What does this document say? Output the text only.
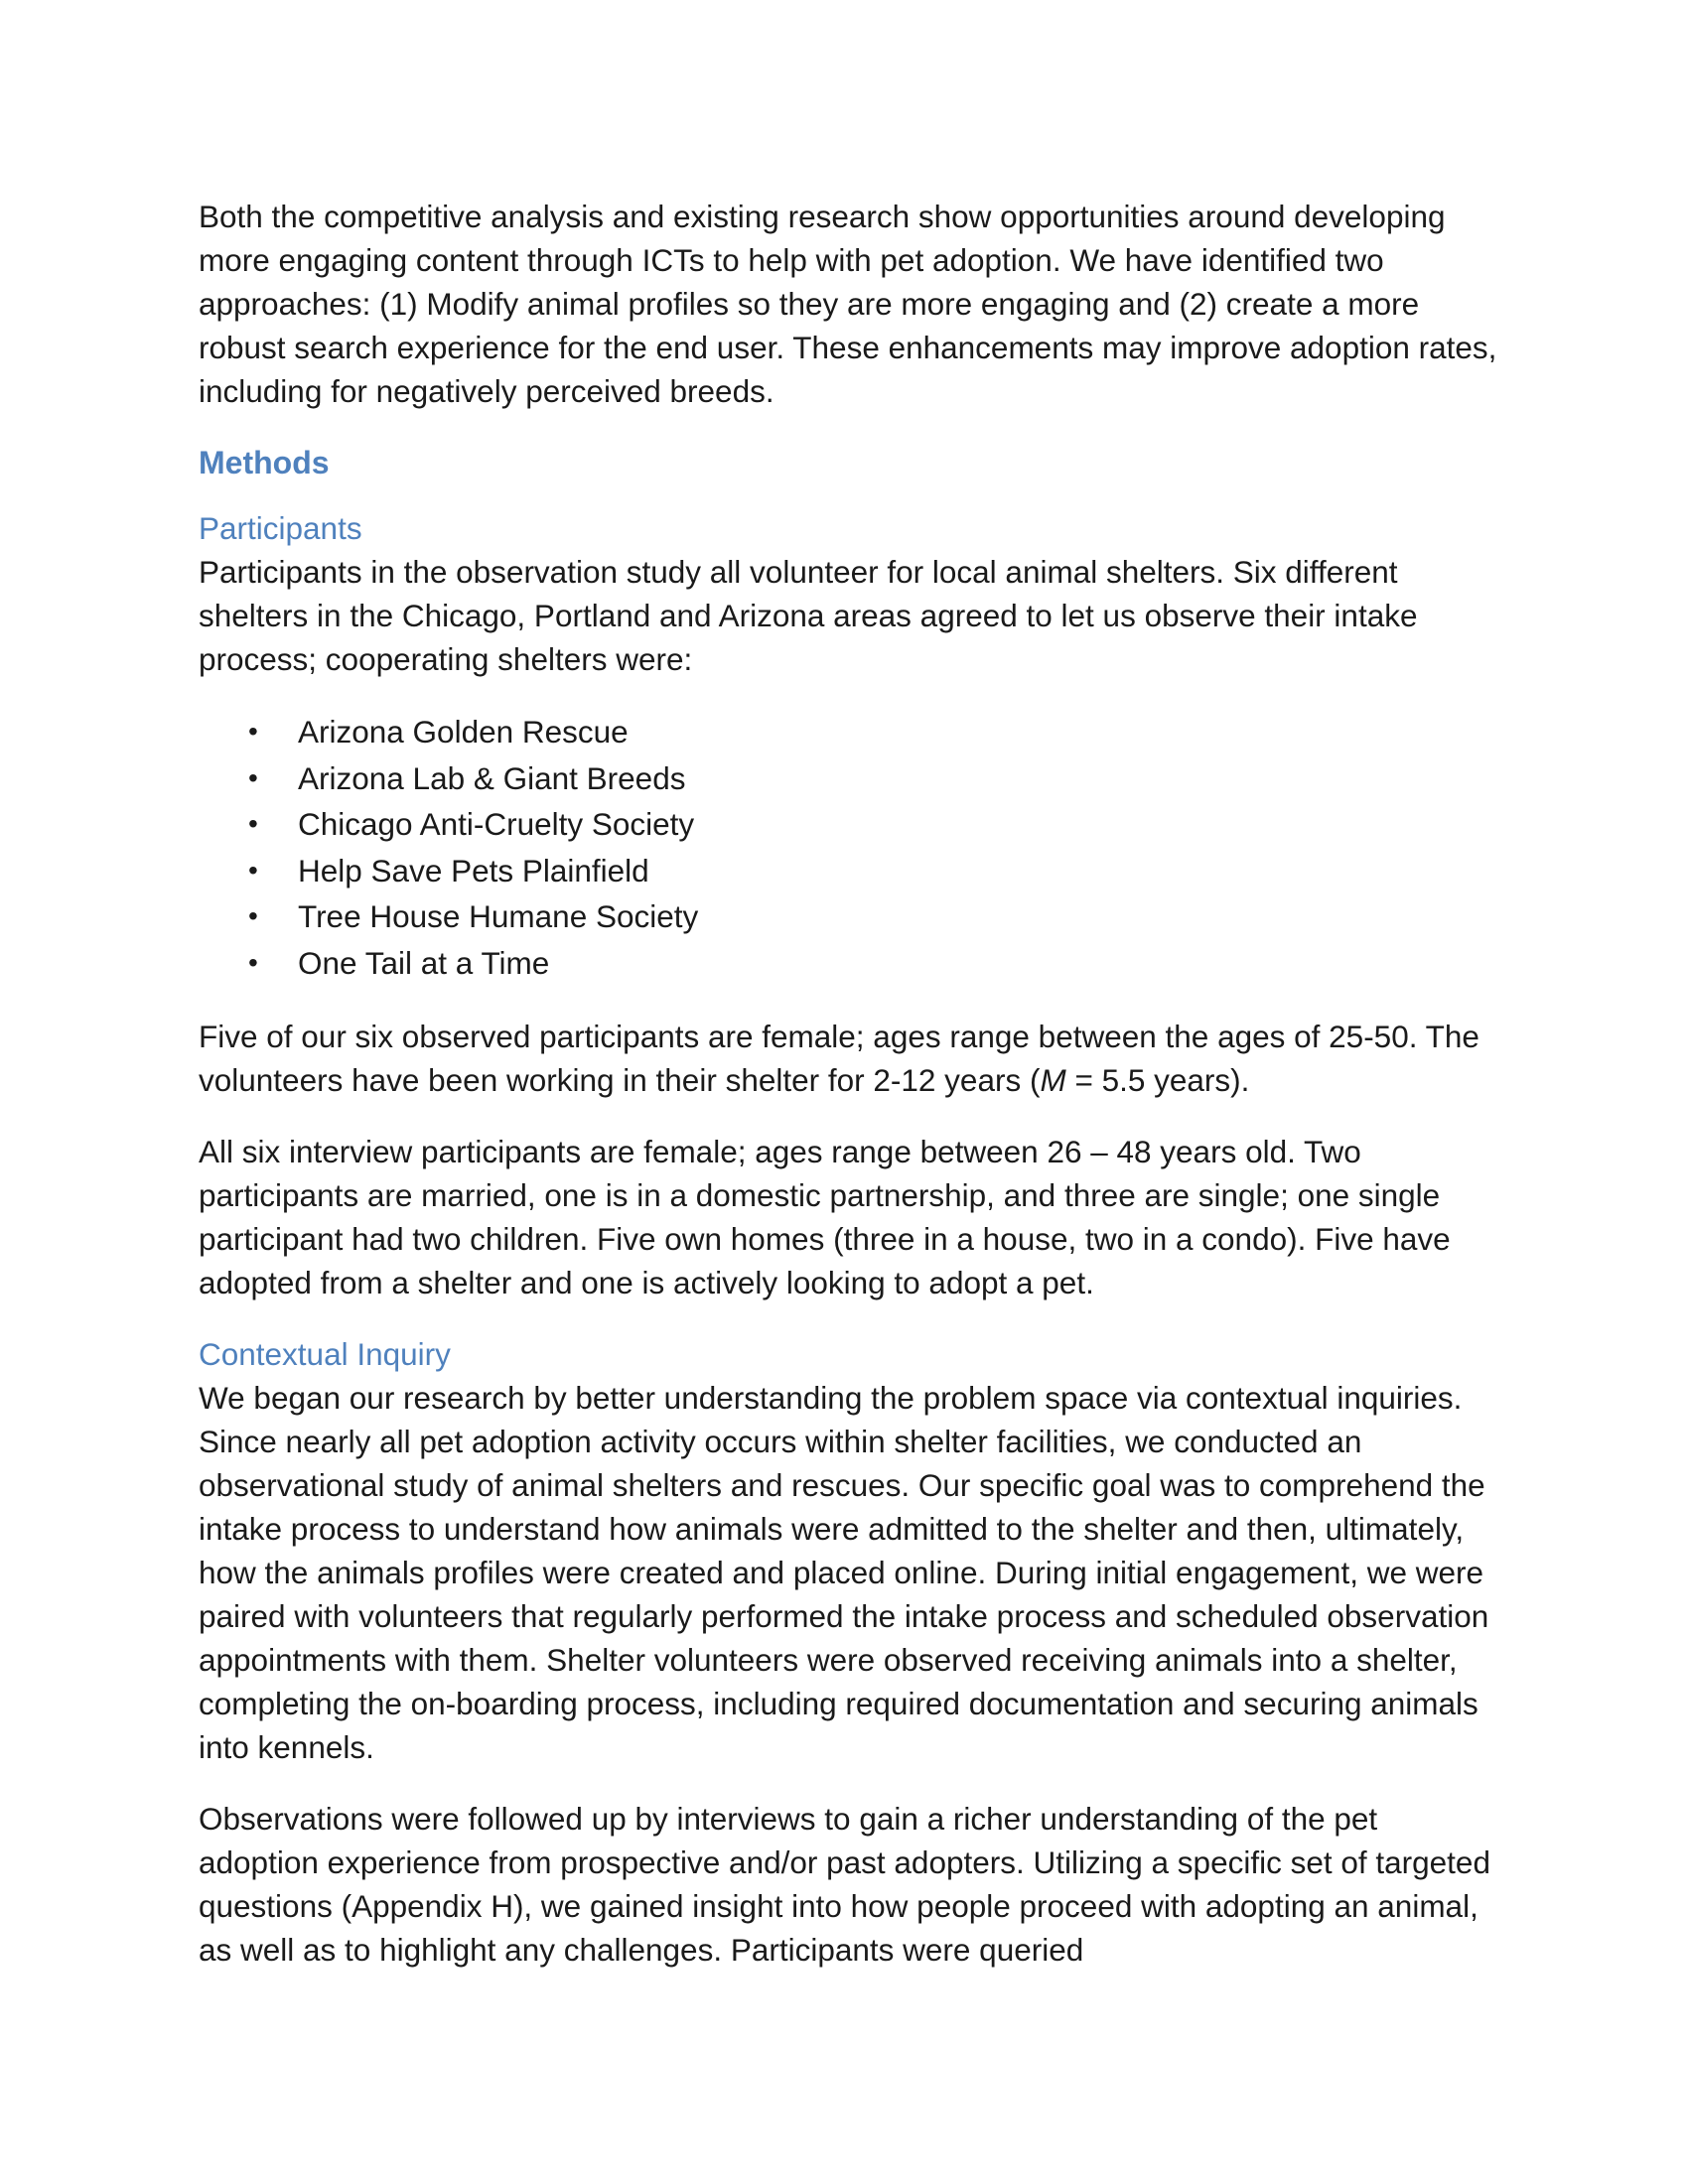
Both the competitive analysis and existing research show opportunities around developing more engaging content through ICTs to help with pet adoption. We have identified two approaches: (1) Modify animal profiles so they are more engaging and (2) create a more robust search experience for the end user. These enhancements may improve adoption rates, including for negatively perceived breeds.

Methods
Participants

Participants in the observation study all volunteer for local animal shelters. Six different shelters in the Chicago, Portland and Arizona areas agreed to let us observe their intake process; cooperating shelters were:

• Arizona Golden Rescue
• Arizona Lab & Giant Breeds
• Chicago Anti-Cruelty Society
• Help Save Pets Plainfield
• Tree House Humane Society
• One Tail at a Time

Five of our six observed participants are female; ages range between the ages of 25-50. The volunteers have been working in their shelter for 2-12 years (M = 5.5 years).

All six interview participants are female; ages range between 26 – 48 years old. Two participants are married, one is in a domestic partnership, and three are single; one single participant had two children. Five own homes (three in a house, two in a condo). Five have adopted from a shelter and one is actively looking to adopt a pet.

Contextual Inquiry

We began our research by better understanding the problem space via contextual inquiries. Since nearly all pet adoption activity occurs within shelter facilities, we conducted an observational study of animal shelters and rescues. Our specific goal was to comprehend the intake process to understand how animals were admitted to the shelter and then, ultimately, how the animals profiles were created and placed online. During initial engagement, we were paired with volunteers that regularly performed the intake process and scheduled observation appointments with them. Shelter volunteers were observed receiving animals into a shelter, completing the on-boarding process, including required documentation and securing animals into kennels.

Observations were followed up by interviews to gain a richer understanding of the pet adoption experience from prospective and/or past adopters. Utilizing a specific set of targeted questions (Appendix H), we gained insight into how people proceed with adopting an animal, as well as to highlight any challenges. Participants were queried
